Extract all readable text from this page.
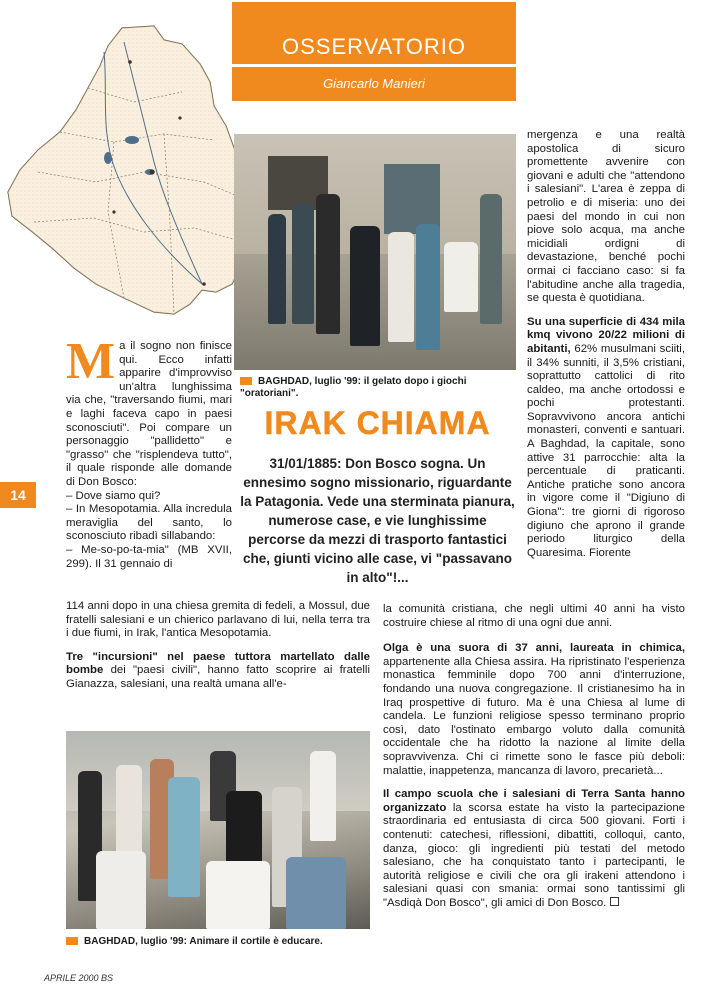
OSSERVATORIO
Giancarlo Manieri
BAGHDAD, luglio '99: il gelato dopo i giochi "oratoriani".
IRAK CHIAMA
31/01/1885: Don Bosco sogna. Un ennesimo sogno missionario, riguardante la Patagonia. Vede una sterminata pianura, numerose case, e vie lunghissime percorse da mezzi di trasporto fantastici che, giunti vicino alle case, vi "passavano in alto"!...
14
Ma il sogno non finisce qui. Ecco infatti apparire d'improvviso un'altra lunghissima via che, "traversando fiumi, mari e laghi faceva capo in paesi sconosciuti". Poi compare un personaggio "pallidetto" e "grasso" che "risplendeva tutto", il quale risponde alle domande di Don Bosco:
– Dove siamo qui?
– In Mesopotamia. Alla incredula meraviglia del santo, lo sconosciuto ribadì sillabando:
– Me-so-po-ta-mia" (MB XVII, 299). Il 31 gennaio di
114 anni dopo in una chiesa gremita di fedeli, a Mossul, due fratelli salesiani e un chierico parlavano di lui, nella terra tra i due fiumi, in Irak, l'antica Mesopotamia.
Tre "incursioni" nel paese tuttora martellato dalle bombe dei "paesi civili", hanno fatto scoprire ai fratelli Gianazza, salesiani, una realtà umana all'e-
BAGHDAD, luglio '99: Animare il cortile è educare.
mergenza e una realtà apostolica di sicuro promettente avvenire con giovani e adulti che "attendono i salesiani". L'area è zeppa di petrolio e di miseria: uno dei paesi del mondo in cui non piove solo acqua, ma anche micidiali ordigni di devastazione, benché pochi ormai ci facciano caso: si fa l'abitudine anche alla tragedia, se questa è quotidiana.
Su una superficie di 434 mila kmq vivono 20/22 milioni di abitanti, 62% musulmani sciiti, il 34% sunniti, il 3,5% cristiani, soprattutto cattolici di rito caldeo, ma anche ortodossi e pochi protestanti. Sopravvivono ancora antichi monasteri, conventi e santuari. A Baghdad, la capitale, sono attive 31 parrocchie: alta la percentuale di praticanti. Antiche pratiche sono ancora in vigore come il "Digiuno di Giona": tre giorni di rigoroso digiuno che aprono il grande periodo liturgico della Quaresima. Fiorente
la comunità cristiana, che negli ultimi 40 anni ha visto costruire chiese al ritmo di una ogni due anni.
Olga è una suora di 37 anni, laureata in chimica, appartenente alla Chiesa assira. Ha ripristinato l'esperienza monastica femminile dopo 700 anni d'interruzione, fondando una nuova congregazione. Il cristianesimo ha in Iraq prospettive di futuro. Ma è una Chiesa al lume di candela. Le funzioni religiose spesso terminano proprio così, dato l'ostinato embargo voluto dalla comunità occidentale che ha ridotto la nazione al limite della sopravvivenza. Chi ci rimette sono le fasce più deboli: malattie, inappetenza, mancanza di lavoro, precarietà...
Il campo scuola che i salesiani di Terra Santa hanno organizzato la scorsa estate ha visto la partecipazione straordinaria ed entusiasta di circa 500 giovani. Forti i contenuti: catechesi, riflessioni, dibattiti, colloqui, canto, danza, gioco: gli ingredienti più testati del metodo salesiano, che ha conquistato tanto i partecipanti, le autorità religiose e civili che ora gli irakeni attendono i salesiani quasi con smania: ormai sono tantissimi gli "Asdiqà Don Bosco", gli amici di Don Bosco.
APRILE 2000 BS
